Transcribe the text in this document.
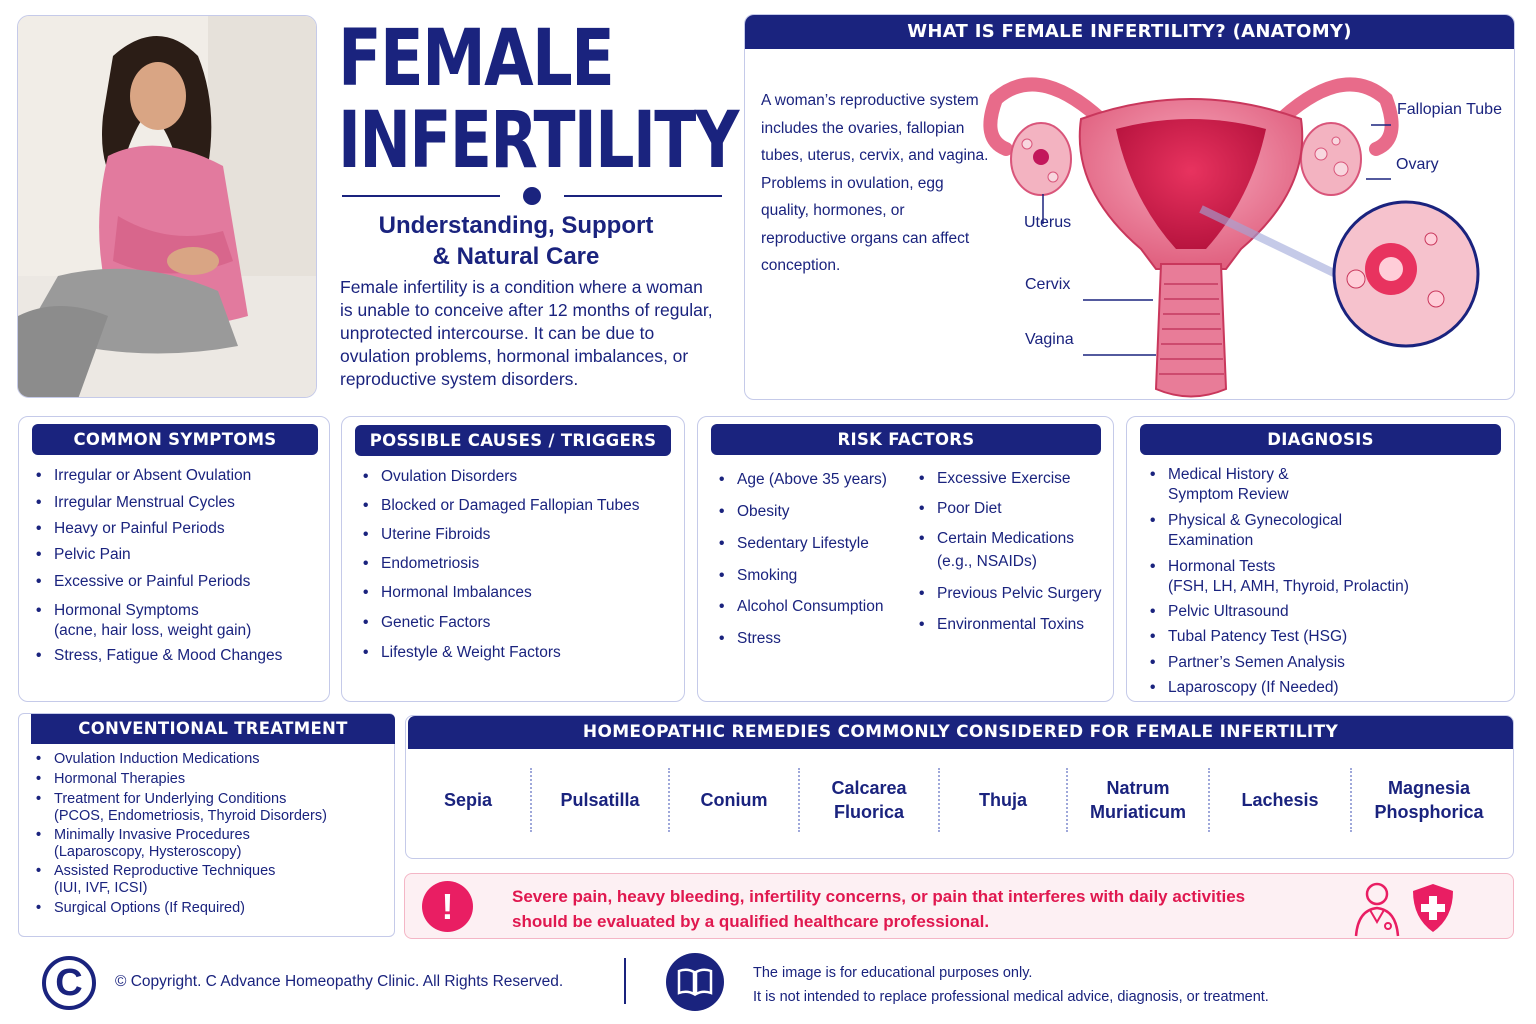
FEMALE
INFERTILITY
Understanding, Support
& Natural Care
Female infertility is a condition where a woman is unable to conceive after 12 months of regular, unprotected intercourse. It can be due to ovulation problems, hormonal imbalances, or reproductive system disorders.
WHAT IS FEMALE INFERTILITY? (ANATOMY)
A woman’s reproductive system includes the ovaries, fallopian tubes, uterus, cervix, and vagina. Problems in ovulation, egg quality, hormones, or reproductive organs can affect conception.
Fallopian Tube
Ovary
Uterus
Cervix
Vagina
COMMON SYMPTOMS
• Irregular or Absent Ovulation
• Irregular Menstrual Cycles
• Heavy or Painful Periods
• Pelvic Pain
• Excessive or Painful Periods
• Hormonal Symptoms
(acne, hair loss, weight gain)
• Stress, Fatigue & Mood Changes
POSSIBLE CAUSES / TRIGGERS
• Ovulation Disorders
• Blocked or Damaged Fallopian Tubes
• Uterine Fibroids
• Endometriosis
• Hormonal Imbalances
• Genetic Factors
• Lifestyle & Weight Factors
RISK FACTORS
• Age (Above 35 years)
• Obesity
• Sedentary Lifestyle
• Smoking
• Alcohol Consumption
• Stress
• Excessive Exercise
• Poor Diet
• Certain Medications
(e.g., NSAIDs)
• Previous Pelvic Surgery
• Environmental Toxins
DIAGNOSIS
• Medical History &
Symptom Review
• Physical & Gynecological
Examination
• Hormonal Tests
(FSH, LH, AMH, Thyroid, Prolactin)
• Pelvic Ultrasound
• Tubal Patency Test (HSG)
• Partner’s Semen Analysis
• Laparoscopy (If Needed)
CONVENTIONAL TREATMENT
• Ovulation Induction Medications
• Hormonal Therapies
• Treatment for Underlying Conditions
(PCOS, Endometriosis, Thyroid Disorders)
• Minimally Invasive Procedures
(Laparoscopy, Hysteroscopy)
• Assisted Reproductive Techniques
(IUI, IVF, ICSI)
• Surgical Options (If Required)
HOMEOPATHIC REMEDIES COMMONLY CONSIDERED FOR FEMALE INFERTILITY
Sepia	Pulsatilla	Conium
Calcarea
Fluorica
Thuja
Natrum
Muriaticum
Lachesis
Magnesia
Phosphorica
!	Severe pain, heavy bleeding, infertility concerns, or pain that interferes with daily activities
should be evaluated by a qualified healthcare professional.
C	© Copyright. C Advance Homeopathy Clinic. All Rights Reserved.	The image is for educational purposes only.
It is not intended to replace professional medical advice, diagnosis, or treatment.
